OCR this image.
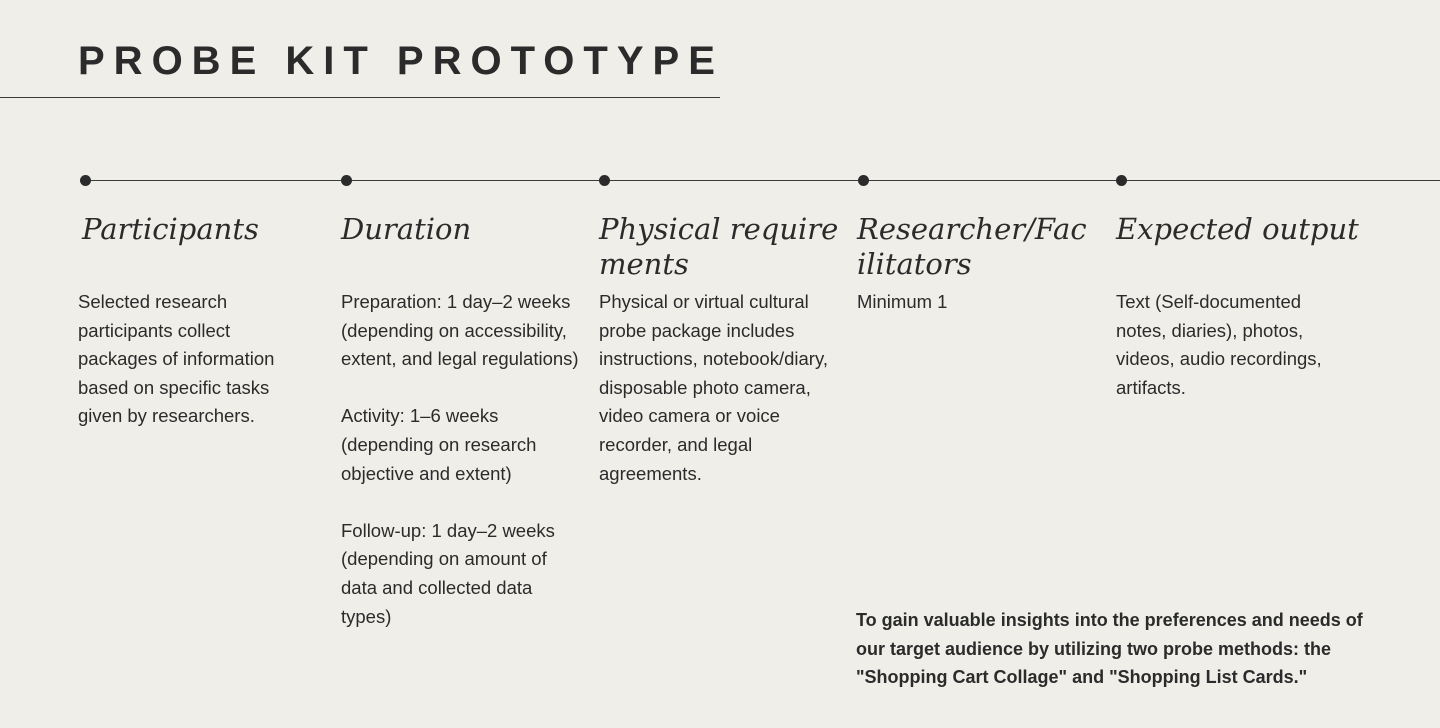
PROBE KIT PROTOTYPE
Participants

Selected research participants collect packages of information based on specific tasks given by researchers.

Duration

Preparation: 1 day–2 weeks (depending on accessibility, extent, and legal regulations)

Activity: 1–6 weeks (depending on research objective and extent)

Follow-up: 1 day–2 weeks (depending on amount of data and collected data types)

Physical requirements

Physical or virtual cultural probe package includes instructions, notebook/diary, disposable photo camera, video camera or voice recorder, and legal agreements.

Researcher/Facilitators

Minimum 1

Expected output

Text (Self-documented notes, diaries), photos, videos, audio recordings, artifacts.

To gain valuable insights into the preferences and needs of our target audience by utilizing two probe methods: the "Shopping Cart Collage" and "Shopping List Cards."
